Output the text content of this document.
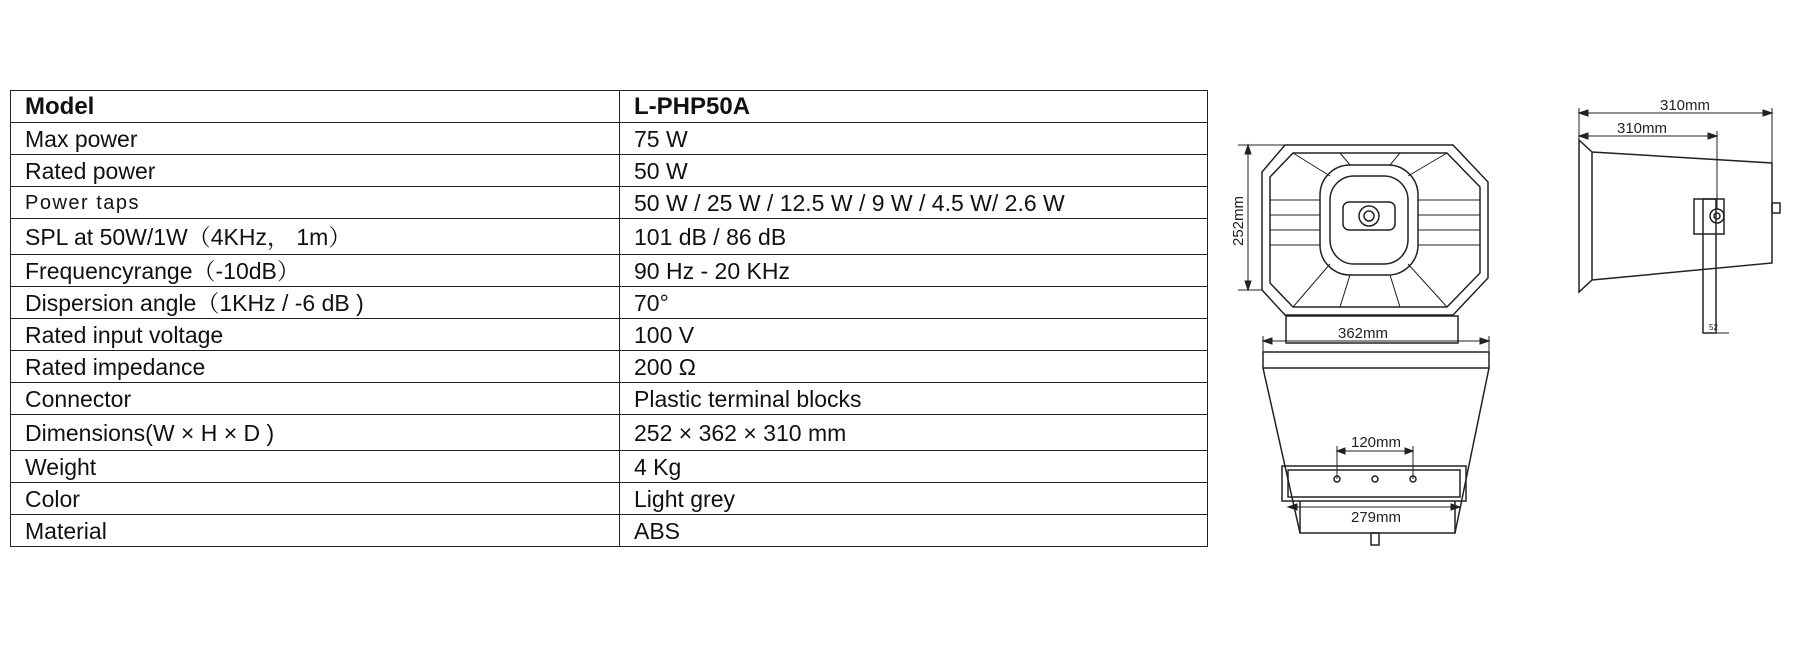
Model	L-PHP50A
Max power	75 W
Rated power	50 W
Power taps	50 W / 25 W / 12.5 W / 9 W / 4.5 W/ 2.6 W
SPL at 50W/1W（4KHz， 1m）	101 dB / 86 dB
Frequencyrange（-10dB）	90 Hz - 20 KHz
Dispersion angle（1KHz / -6 dB )	70°
Rated input voltage	100 V
Rated impedance	200 Ω
Connector	Plastic terminal blocks
Dimensions(W × H × D )	252 × 362 × 310 mm
Weight	4 Kg
Color	Light grey
Material	ABS
252mm
362mm
120mm
279mm
310mm
310mm
52
